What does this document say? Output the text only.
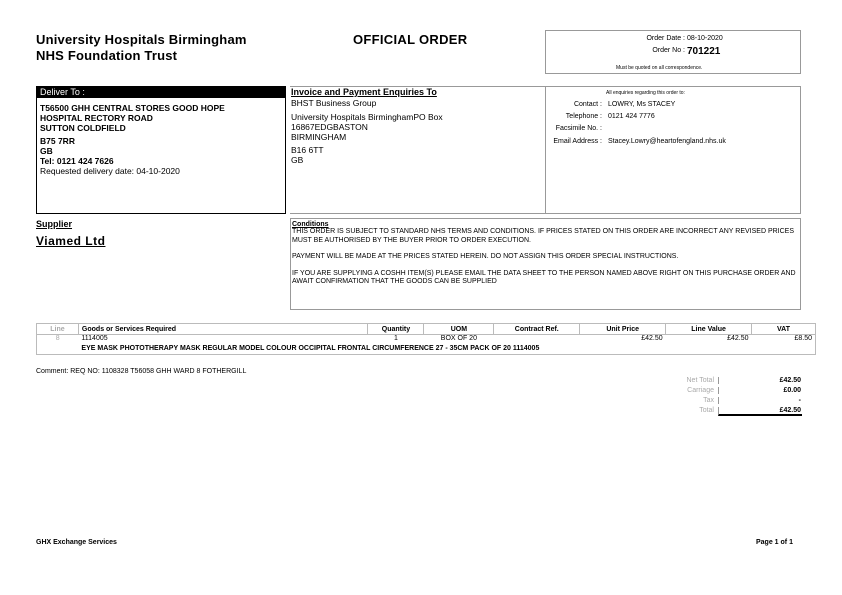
University Hospitals Birmingham
NHS Foundation Trust
OFFICIAL ORDER	Order Date : 08-10-2020
Order No : 701221
Must be quoted on all correspondence.
Deliver To :
T56500 GHH CENTRAL STORES GOOD HOPE
HOSPITAL RECTORY ROAD
SUTTON COLDFIELD
B75 7RR
GB
Tel: 0121 424 7626
Requested delivery date: 04-10-2020
Invoice and Payment Enquiries To
BHST Business Group
University Hospitals BirminghamPO Box
16867EDGBASTON
BIRMINGHAM
B16 6TT
GB
All enquiries regarding this order to:
Contact : LOWRY, Ms STACEY
Telephone : 0121 424 7776
Facsimile No. :
Email Address : Stacey.Lowry@heartofengland.nhs.uk
Supplier
Viamed Ltd
Conditions

THIS ORDER IS SUBJECT TO STANDARD NHS TERMS AND CONDITIONS. IF PRICES STATED ON THIS ORDER ARE INCORRECT ANY REVISED PRICES MUST BE AUTHORISED BY THE BUYER PRIOR TO ORDER EXECUTION.

PAYMENT WILL BE MADE AT THE PRICES STATED HEREIN. DO NOT ASSIGN THIS ORDER SPECIAL INSTRUCTIONS.

IF YOU ARE SUPPLYING A COSHH ITEM(S) PLEASE EMAIL THE DATA SHEET TO THE PERSON NAMED ABOVE RIGHT ON THIS PURCHASE ORDER AND AWAIT CONFIRMATION THAT THE GOODS CAN BE SUPPLIED

Line	Goods or Services Required	Quantity	UOM	Contract Ref.	Unit Price	Line Value	VAT
8	1114005	1	BOX OF 20		£42.50	£42.50	£8.50
	EYE MASK PHOTOTHERAPY MASK REGULAR MODEL COLOUR OCCIPITAL FRONTAL CIRCUMFERENCE 27 - 35CM PACK OF 20 1114005						
Comment: REQ NO: 1108328 T56058 GHH WARD 8 FOTHERGILL
Net Total	£42.50
Carriage	£0.00
Tax	-
Total	£42.50
GHX Exchange Services	Page 1 of 1
